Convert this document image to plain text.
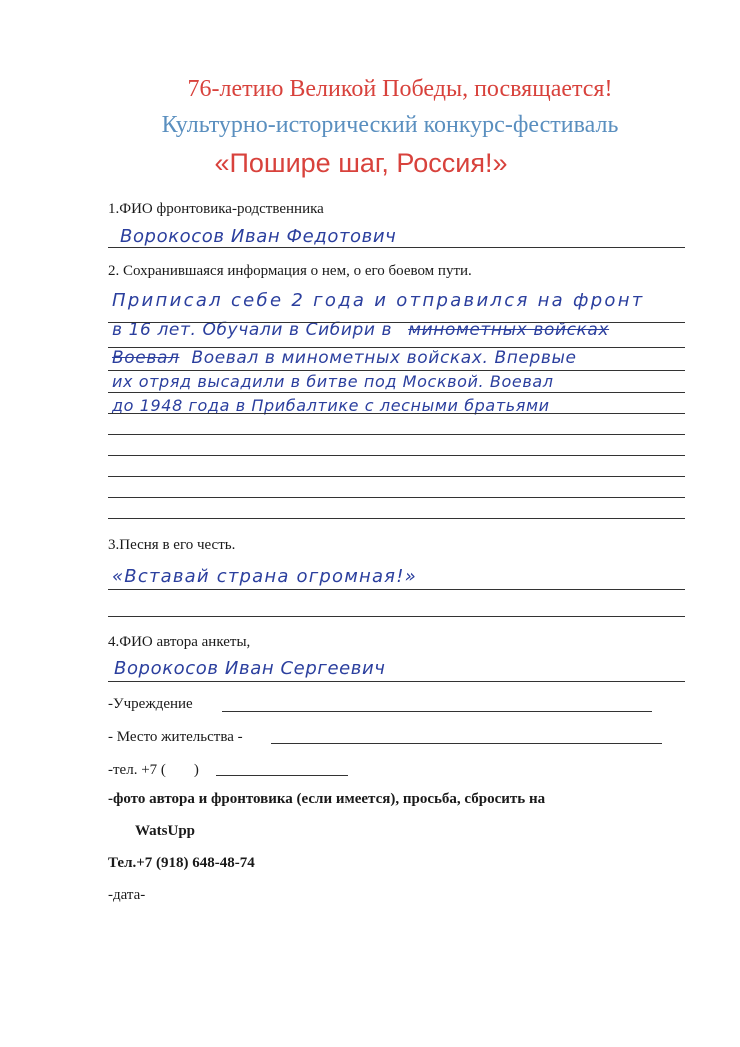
76-летию Великой Победы, посвящается!
Культурно-исторический конкурс-фестиваль
«Пошире шаг, Россия!»
1.ФИО фронтовика-родственника
Ворокосов Иван Федотович
2. Сохранившаяся информация о нем, о его боевом пути.
Приписал себе 2 года и отправился на фронт
в 16 лет. Обучали в Сибири в минометных войсках
Воевал Воевал в минометных войсках. Впервые
их отряд высадили в битве под Москвой. Воевал
до 1948 года в Прибалтике с лесными братьями
3.Песня в его честь.
«Вставай страна огромная!»
4.ФИО автора анкеты,
Ворокосов Иван Сергеевич
-Учреждение
- Место жительства -
-тел. +7 ( )
-фото автора и фронтовика (если имеется), просьба, сбросить на
WatsUpp
Тел.+7 (918) 648-48-74
-дата-
